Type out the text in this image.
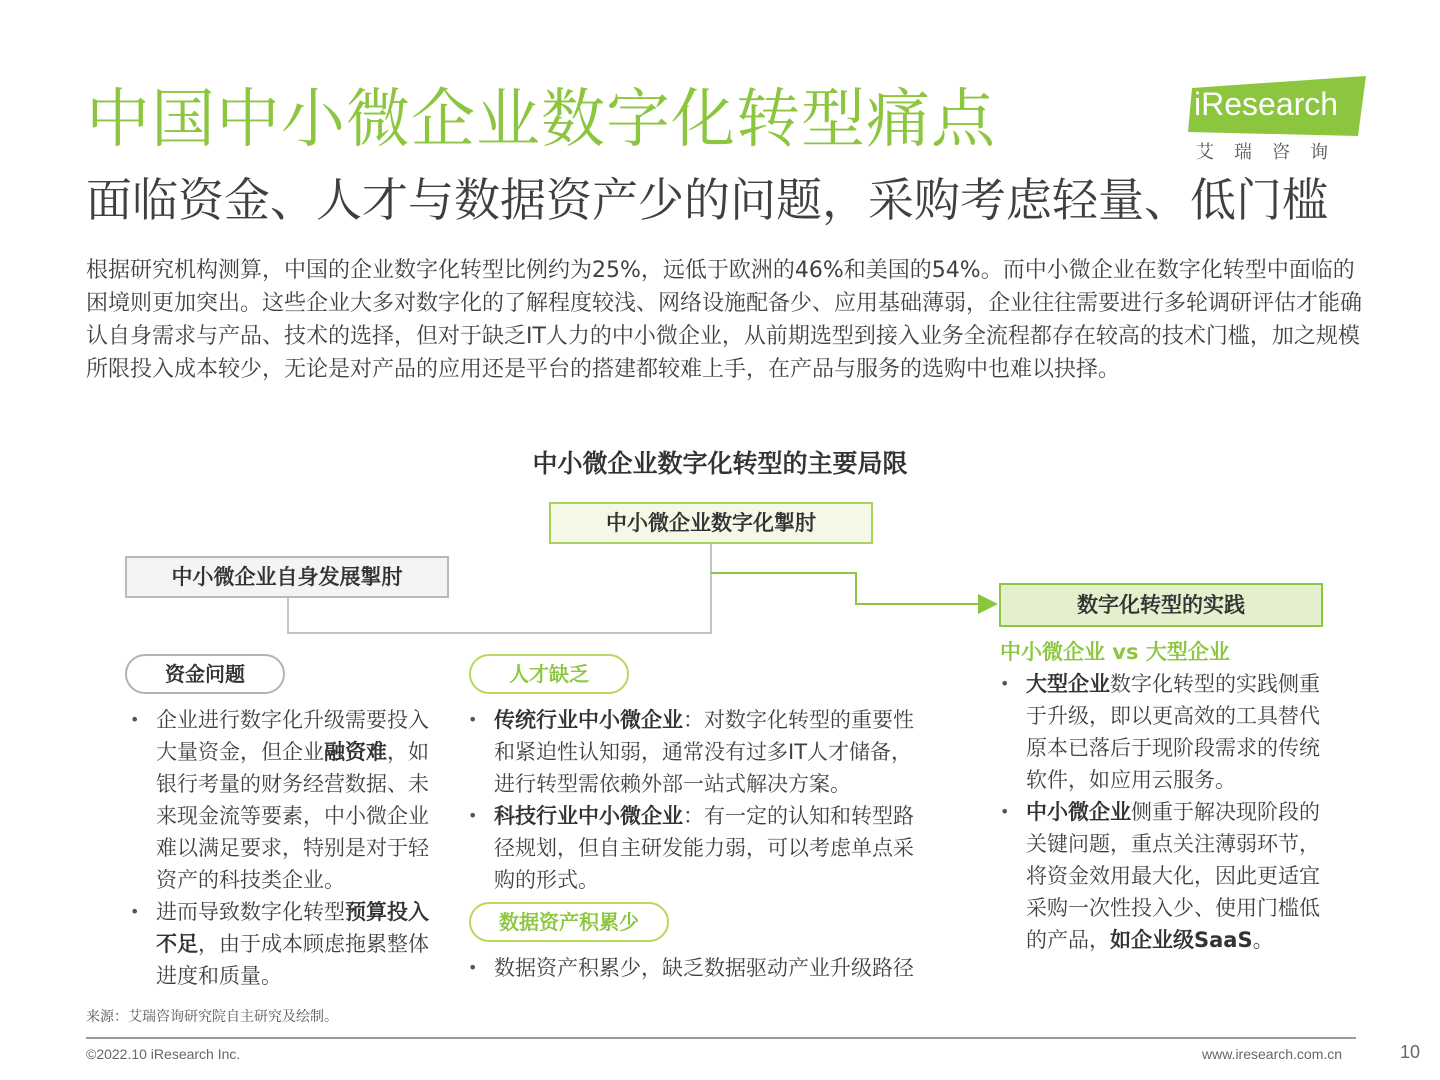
中国中小微企业数字化转型痛点
面临资金、人才与数据资产少的问题，采购考虑轻量、低门槛
iResearch
艾瑞咨询
根据研究机构测算，中国的企业数字化转型比例约为25%，远低于欧洲的46%和美国的54%。而中小微企业在数字化转型中面临的困境则更加突出。这些企业大多对数字化的了解程度较浅、网络设施配备少、应用基础薄弱，企业往往需要进行多轮调研评估才能确认自身需求与产品、技术的选择，但对于缺乏IT人力的中小微企业，从前期选型到接入业务全流程都存在较高的技术门槛，加之规模所限投入成本较少，无论是对产品的应用还是平台的搭建都较难上手，在产品与服务的选购中也难以抉择。
中小微企业数字化转型的主要局限
中小微企业数字化掣肘
中小微企业自身发展掣肘
数字化转型的实践
资金问题	人才缺乏
数据资产积累少
• 企业进行数字化升级需要投入大量资金，但企业融资难，如银行考量的财务经营数据、未来现金流等要素，中小微企业难以满足要求，特别是对于轻资产的科技类企业。
• 进而导致数字化转型预算投入不足，由于成本顾虑拖累整体进度和质量。
• 传统行业中小微企业：对数字化转型的重要性和紧迫性认知弱，通常没有过多IT人才储备，进行转型需依赖外部一站式解决方案。
• 科技行业中小微企业：有一定的认知和转型路径规划，但自主研发能力弱，可以考虑单点采购的形式。
• 数据资产积累少，缺乏数据驱动产业升级路径
中小微企业 vs 大型企业
• 大型企业数字化转型的实践侧重于升级，即以更高效的工具替代原本已落后于现阶段需求的传统软件，如应用云服务。
• 中小微企业侧重于解决现阶段的关键问题，重点关注薄弱环节，将资金效用最大化，因此更适宜采购一次性投入少、使用门槛低的产品，如企业级SaaS。
来源：艾瑞咨询研究院自主研究及绘制。
©2022.10 iResearch Inc.	www.iresearch.com.cn	10
